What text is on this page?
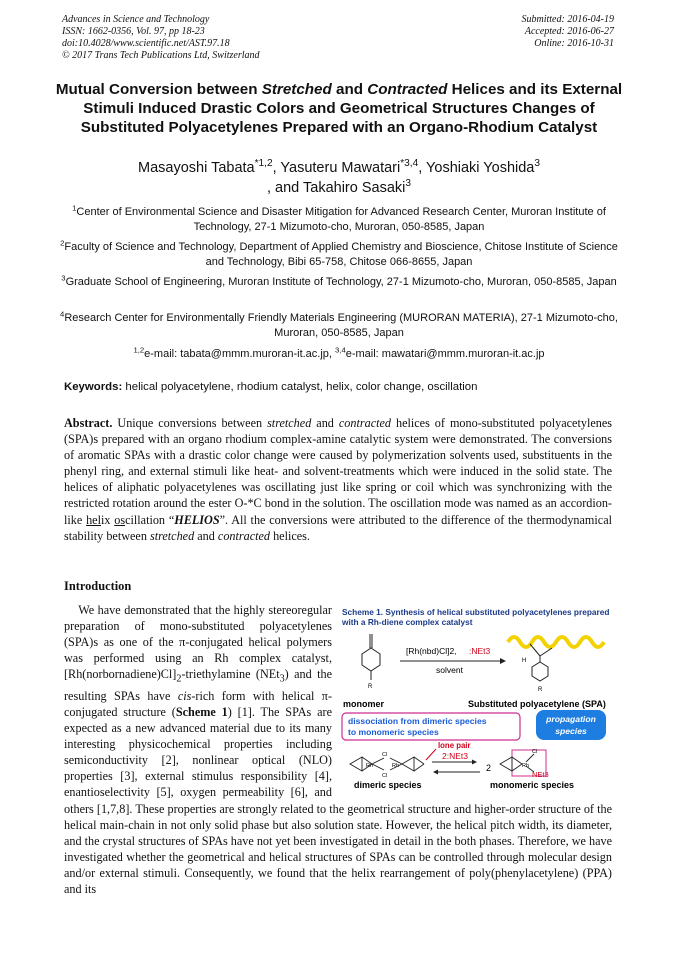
Advances in Science and Technology
ISSN: 1662-0356, Vol. 97, pp 18-23
doi:10.4028/www.scientific.net/AST.97.18
© 2017 Trans Tech Publications Ltd, Switzerland
Submitted: 2016-04-19
Accepted: 2016-06-27
Online: 2016-10-31
Mutual Conversion between Stretched and Contracted Helices and its External Stimuli Induced Drastic Colors and Geometrical Structures Changes of Substituted Polyacetylenes Prepared with an Organo-Rhodium Catalyst
Masayoshi Tabata$^{*1,2}$, Yasuteru Mawatari$^{*3,4}$, Yoshiaki Yoshida$^3$
, and Takahiro Sasaki$^3$
$^1$Center of Environmental Science and Disaster Mitigation for Advanced Research Center, Muroran Institute of Technology, 27-1 Mizumoto-cho, Muroran, 050-8585, Japan
$^2$Faculty of Science and Technology, Department of Applied Chemistry and Bioscience, Chitose Institute of Science and Technology, Bibi 65-758, Chitose 066-8655, Japan
$^3$Graduate School of Engineering, Muroran Institute of Technology, 27-1 Mizumoto-cho, Muroran, 050-8585, Japan
$^4$Research Center for Environmentally Friendly Materials Engineering (MURORAN MATERIA), 27-1 Mizumoto-cho, Muroran, 050-8585, Japan
$^{1,2}$e-mail: tabata@mmm.muroran-it.ac.jp, $^{3,4}$e-mail: mawatari@mmm.muroran-it.ac.jp
Keywords: helical polyacetylene, rhodium catalyst, helix, color change, oscillation
Abstract. Unique conversions between stretched and contracted helices of mono-substituted polyacetylenes (SPA)s prepared with an organo rhodium complex-amine catalytic system were demonstrated. The conversions of aromatic SPAs with a drastic color change were caused by polymerization solvents used, substituents in the phenyl ring, and external stimuli like heat- and solvent-treatments which were induced in the solid state. The helices of aliphatic polyacetylenes was oscillating just like spring or coil which was synchronizing with the restricted rotation around the ester O-*C bond in the solution. The oscillation mode was named as an accordion-like helix oscillation “HELIOS”. All the conversions were attributed to the difference of the thermodynamical stability between stretched and contracted helices.
Introduction
Scheme 1. Synthesis of helical substituted polyacetylenes prepared
with a Rh-diene complex catalyst
R
monomer
[Rh(nbd)Cl]2, :NEt3
solvent
H
R
Substituted polyacetylene (SPA)
dissociation from dimeric species
to monomeric species
propagation
species
lone pair
Cl
Rh	Rh
Cl
dimeric species
2:NEt3
2
Cl
Rh
NEt3
monomeric species
We have demonstrated that the highly stereoregular preparation of mono-substituted polyacetylenes (SPA)s as one of the π-conjugated helical polymers was performed using an Rh complex catalyst, $[Rh(norbornadiene)Cl]_2$-triethylamine (NEt$_3$) and the resulting SPAs have cis-rich form with helical π-conjugated structure (Scheme 1) [1]. The SPAs are expected as a new advanced material due to its many interesting physicochemical properties including semiconductivity [2], nonlinear optical (NLO) properties [3], external stimulus responsibility [4], enantioselectivity [5], oxygen permeability [6], and others [1,7,8]. These properties are strongly related to the geometrical structure and higher-order structure of the helical main-chain in not only solid phase but also solution state. However, the helical pitch width, its diameter, and the crystal structures of SPAs have not yet been investigated in detail in the both phases. Therefore, we have investigated whether the geometrical and helical structures of SPAs can be controlled through molecular design and/or external stimuli. Consequently, we found that the helix rearrangement of poly(phenylacetylene) (PPA) and its
